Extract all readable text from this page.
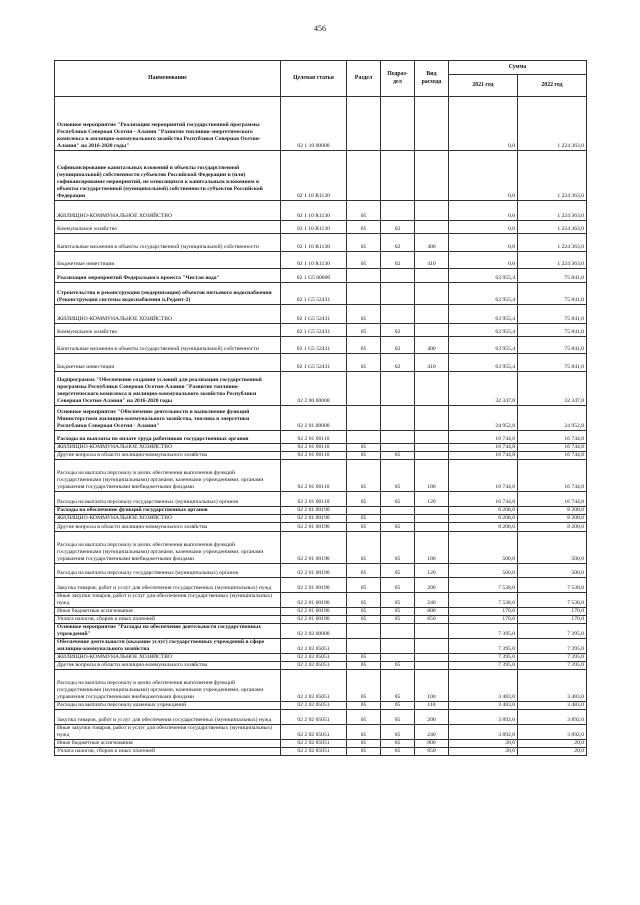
456
Наименование	Целевая статья	Раздел	Подраз-дел	Вид расхода	Сумма	
					2021 год	2022 год
Основное мероприятие "Реализация мероприятий государственной программы Республики Северная Осетия - Алания "Развитие топливно-энергетического комплекса и жилищно-коммунального хозяйства Республики Северная Осетия-Алания" на 2016-2020 годы"	02 1 10 00000				0,0	1 224 363,0
Софинансирование капитальных вложений в объекты государственной (муниципальной) собственности субъектов Российской Федерации и (или) софинансирование мероприятий, не относящихся к капитальным вложениям в объекты государственной (муниципальной) собственности субъектов Российской Федерации	02 1 10 R1130				0,0	1 224 363,0
ЖИЛИЩНО-КОММУНАЛЬНОЕ ХОЗЯЙСТВО	02 1 10 R1130	05			0,0	1 224 363,0
Коммунальное хозяйство	02 1 10 R1130	05	02		0,0	1 224 363,0
Капитальные вложения в объекты государственной (муниципальной) собственности	02 1 10 R1130	05	02	400	0,0	1 224 363,0
Бюджетные инвестиции	02 1 10 R1130	05	02	410	0,0	1 224 363,0
Реализация мероприятий Федерального проекта "Чистая вода"	02 1 G5 00000				63 955,4	75 841,0
Строительство и реконструкция (модернизация) объектов питьевого водоснабжения (Реконструкция системы водоснабжения п.Редант-2)	02 1 G5 52431				63 955,4	75 841,0
ЖИЛИЩНО-КОММУНАЛЬНОЕ ХОЗЯЙСТВО	02 1 G5 52431	05			63 955,4	75 841,0
Коммунальное хозяйство	02 1 G5 52431	05	02		63 955,4	75 841,0
Капитальные вложения в объекты государственной (муниципальной) собственности	02 1 G5 52431	05	02	400	63 955,4	75 841,0
Бюджетные инвестиции	02 1 G5 52431	05	02	410	63 955,4	75 841,0
Подпрограмма "Обеспечение создания условий для реализации государственной программы Республики Северная Осетия-Алания "Развитие топливно-энергетического комплекса и жилищно-коммунального хозяйства Республики Северная Осетия-Алания" на 2016-2020 годы	02 2 00 00000				32 347,8	32 347,8
Основное мероприятие "Обеспечение деятельности и выполнение функций Министерством жилищно-коммунального хозяйства, топлива и энергетики Республики Северная Осетия - Алания"	02 2 01 00000				24 952,8	24 952,8
Расходы на выплаты по оплате труда работников государственных органов	02 2 01 00110				16 744,8	16 744,8
ЖИЛИЩНО-КОММУНАЛЬНОЕ ХОЗЯЙСТВО	02 2 01 00110	05			16 744,8	16 744,8
Другие вопросы в области жилищно-коммунального хозяйства	02 2 01 00110	05	05		16 744,8	16 744,8
Расходы на выплаты персоналу в целях обеспечения выполнения функций государственными (муниципальными) органами, казенными учреждениями, органами управления государственными внебюджетными фондами	02 2 01 00110	05	05	100	16 744,8	16 744,8
Расходы на выплаты персоналу государственных (муниципальных) органов	02 2 01 00110	05	05	120	16 744,8	16 744,8
Расходы на обеспечение функций государственных органов	02 2 01 00190				8 208,0	8 208,0
ЖИЛИЩНО-КОММУНАЛЬНОЕ ХОЗЯЙСТВО	02 2 01 00190	05			8 208,0	8 208,0
Другие вопросы в области жилищно-коммунального хозяйства	02 2 01 00190	05	05		8 208,0	8 208,0
Расходы на выплаты персоналу в целях обеспечения выполнения функций государственными (муниципальными) органами, казенными учреждениями, органами управления государственными внебюджетными фондами	02 2 01 00190	05	05	100	500,0	500,0
Расходы на выплаты персоналу государственных (муниципальных) органов	02 2 01 00190	05	05	120	500,0	500,0
Закупка товаров, работ и услуг для обеспечения государственных (муниципальных) нужд	02 2 01 00190	05	05	200	7 538,0	7 538,0
Иные закупки товаров, работ и услуг для обеспечения государственных (муниципальных) нужд	02 2 01 00190	05	05	240	7 538,0	7 538,0
Иные бюджетные ассигнования	02 2 01 00190	05	05	800	170,0	170,0
Уплата налогов, сборов и иных платежей	02 2 01 00190	05	05	850	170,0	170,0
Основное мероприятие "Расходы на обеспечение деятельности государственных учреждений"	02 2 02 00000				7 395,0	7 395,0
Обеспечение деятельности (оказание услуг) государственных учреждений в сфере жилищно-коммунального хозяйства	02 2 02 05051				7 395,0	7 395,0
ЖИЛИЩНО-КОММУНАЛЬНОЕ ХОЗЯЙСТВО	02 2 02 05051	05			7 395,0	7 395,0
Другие вопросы в области жилищно-коммунального хозяйства	02 2 02 05051	05	05		7 395,0	7 395,0
Расходы на выплаты персоналу в целях обеспечения выполнения функций государственными (муниципальными) органами, казенными учреждениями, органами управления государственными внебюджетными фондами	02 2 02 05051	05	05	100	3 483,0	3 483,0
Расходы на выплаты персоналу казенных учреждений	02 2 02 05051	05	05	110	3 483,0	3 483,0
Закупка товаров, работ и услуг для обеспечения государственных (муниципальных) нужд	02 2 02 05051	05	05	200	3 892,0	3 892,0
Иные закупки товаров, работ и услуг для обеспечения государственных (муниципальных) нужд	02 2 02 05051	05	05	240	3 892,0	3 892,0
Иные бюджетные ассигнования	02 2 02 05051	05	05	800	20,0	20,0
Уплата налогов, сборов и иных платежей	02 2 02 05051	05	05	850	20,0	20,0
